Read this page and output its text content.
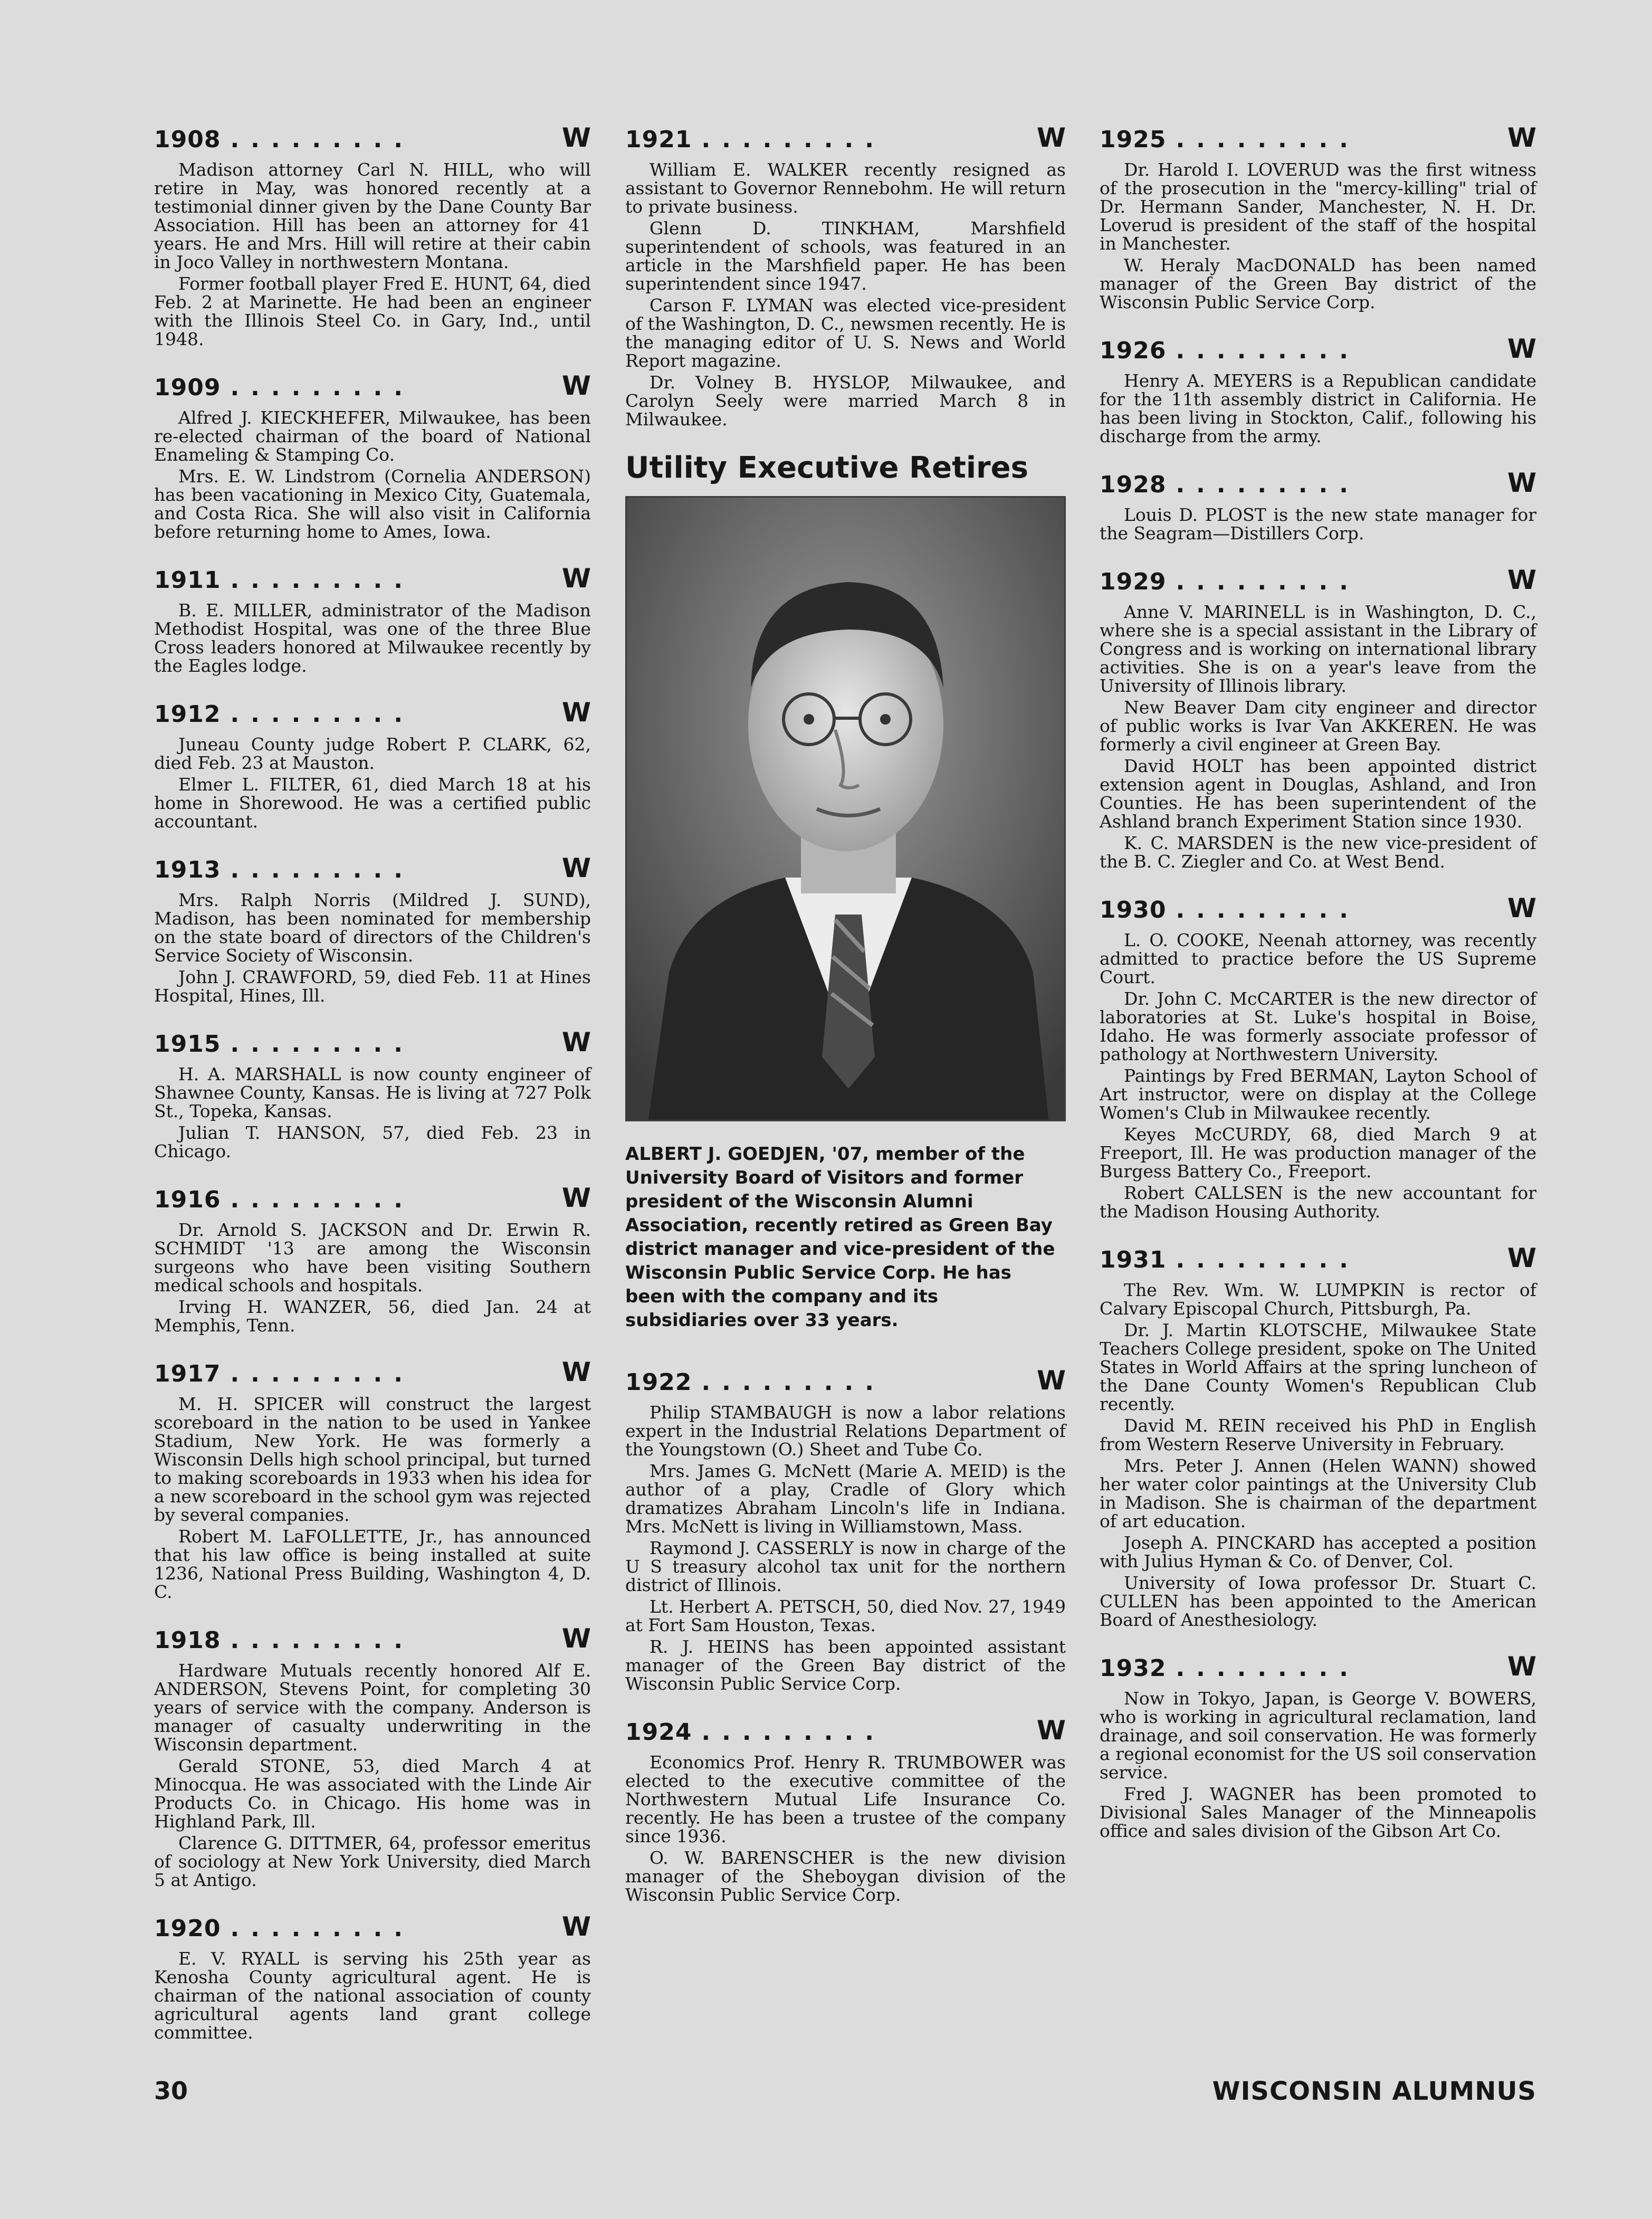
1908 .........	W

Madison attorney Carl N. HILL, who will retire in May, was honored recently at a testimonial dinner given by the Dane County Bar Association. Hill has been an attorney for 41 years. He and Mrs. Hill will retire at their cabin in Joco Valley in northwestern Montana.

Former football player Fred E. HUNT, 64, died Feb. 2 at Marinette. He had been an engineer with the Illinois Steel Co. in Gary, Ind., until 1948.

1909 .........	W

Alfred J. KIECKHEFER, Milwaukee, has been re-elected chairman of the board of National Enameling & Stamping Co.

Mrs. E. W. Lindstrom (Cornelia ANDERSON) has been vacationing in Mexico City, Guatemala, and Costa Rica. She will also visit in California before returning home to Ames, Iowa.

1911 .........	W

B. E. MILLER, administrator of the Madison Methodist Hospital, was one of the three Blue Cross leaders honored at Milwaukee recently by the Eagles lodge.

1912 .........	W

Juneau County judge Robert P. CLARK, 62, died Feb. 23 at Mauston.

Elmer L. FILTER, 61, died March 18 at his home in Shorewood. He was a certified public accountant.

1913 .........	W

Mrs. Ralph Norris (Mildred J. SUND), Madison, has been nominated for membership on the state board of directors of the Children's Service Society of Wisconsin.

John J. CRAWFORD, 59, died Feb. 11 at Hines Hospital, Hines, Ill.

1915 .........	W

H. A. MARSHALL is now county engineer of Shawnee County, Kansas. He is living at 727 Polk St., Topeka, Kansas.

Julian T. HANSON, 57, died Feb. 23 in Chicago.

1916 .........	W

Dr. Arnold S. JACKSON and Dr. Erwin R. SCHMIDT '13 are among the Wisconsin surgeons who have been visiting Southern medical schools and hospitals.

Irving H. WANZER, 56, died Jan. 24 at Memphis, Tenn.

1917 .........	W

M. H. SPICER will construct the largest scoreboard in the nation to be used in Yankee Stadium, New York. He was formerly a Wisconsin Dells high school principal, but turned to making scoreboards in 1933 when his idea for a new scoreboard in the school gym was rejected by several companies.

Robert M. LaFOLLETTE, Jr., has announced that his law office is being installed at suite 1236, National Press Building, Washington 4, D. C.

1918 .........	W

Hardware Mutuals recently honored Alf E. ANDERSON, Stevens Point, for completing 30 years of service with the company. Anderson is manager of casualty underwriting in the Wisconsin department.

Gerald STONE, 53, died March 4 at Minocqua. He was associated with the Linde Air Products Co. in Chicago. His home was in Highland Park, Ill.

Clarence G. DITTMER, 64, professor emeritus of sociology at New York University, died March 5 at Antigo.

1920 .........	W

E. V. RYALL is serving his 25th year as Kenosha County agricultural agent. He is chairman of the national association of county agricultural agents land grant college committee.

1921 .........	W

William E. WALKER recently resigned as assistant to Governor Rennebohm. He will return to private business.

Glenn D. TINKHAM, Marshfield superintendent of schools, was featured in an article in the Marshfield paper. He has been superintendent since 1947.

Carson F. LYMAN was elected vice-president of the Washington, D. C., newsmen recently. He is the managing editor of U. S. News and World Report magazine.

Dr. Volney B. HYSLOP, Milwaukee, and Carolyn Seely were married March 8 in Milwaukee.

Utility Executive Retires
ALBERT J. GOEDJEN, '07, member of the University Board of Visitors and former president of the Wisconsin Alumni Association, recently retired as Green Bay district manager and vice-president of the Wisconsin Public Service Corp. He has been with the company and its subsidiaries over 33 years.
1922 .........	W

Philip STAMBAUGH is now a labor relations expert in the Industrial Relations Department of the Youngstown (O.) Sheet and Tube Co.

Mrs. James G. McNett (Marie A. MEID) is the author of a play, Cradle of Glory which dramatizes Abraham Lincoln's life in Indiana. Mrs. McNett is living in Williamstown, Mass.

Raymond J. CASSERLY is now in charge of the U S treasury alcohol tax unit for the northern district of Illinois.

Lt. Herbert A. PETSCH, 50, died Nov. 27, 1949 at Fort Sam Houston, Texas.

R. J. HEINS has been appointed assistant manager of the Green Bay district of the Wisconsin Public Service Corp.

1924 .........	W

Economics Prof. Henry R. TRUMBOWER was elected to the executive committee of the Northwestern Mutual Life Insurance Co. recently. He has been a trustee of the company since 1936.

O. W. BARENSCHER is the new division manager of the Sheboygan division of the Wisconsin Public Service Corp.

1925 .........	W

Dr. Harold I. LOVERUD was the first witness of the prosecution in the "mercy-killing" trial of Dr. Hermann Sander, Manchester, N. H. Dr. Loverud is president of the staff of the hospital in Manchester.

W. Heraly MacDONALD has been named manager of the Green Bay district of the Wisconsin Public Service Corp.

1926 .........	W

Henry A. MEYERS is a Republican candidate for the 11th assembly district in California. He has been living in Stockton, Calif., following his discharge from the army.

1928 .........	W

Louis D. PLOST is the new state manager for the Seagram—Distillers Corp.

1929 .........	W

Anne V. MARINELL is in Washington, D. C., where she is a special assistant in the Library of Congress and is working on international library activities. She is on a year's leave from the University of Illinois library.

New Beaver Dam city engineer and director of public works is Ivar Van AKKEREN. He was formerly a civil engineer at Green Bay.

David HOLT has been appointed district extension agent in Douglas, Ashland, and Iron Counties. He has been superintendent of the Ashland branch Experiment Station since 1930.

K. C. MARSDEN is the new vice-president of the B. C. Ziegler and Co. at West Bend.

1930 .........	W

L. O. COOKE, Neenah attorney, was recently admitted to practice before the US Supreme Court.

Dr. John C. McCARTER is the new director of laboratories at St. Luke's hospital in Boise, Idaho. He was formerly associate professor of pathology at Northwestern University.

Paintings by Fred BERMAN, Layton School of Art instructor, were on display at the College Women's Club in Milwaukee recently.

Keyes McCURDY, 68, died March 9 at Freeport, Ill. He was production manager of the Burgess Battery Co., Freeport.

Robert CALLSEN is the new accountant for the Madison Housing Authority.

1931 .........	W

The Rev. Wm. W. LUMPKIN is rector of Calvary Episcopal Church, Pittsburgh, Pa.

Dr. J. Martin KLOTSCHE, Milwaukee State Teachers College president, spoke on The United States in World Affairs at the spring luncheon of the Dane County Women's Republican Club recently.

David M. REIN received his PhD in English from Western Reserve University in February.

Mrs. Peter J. Annen (Helen WANN) showed her water color paintings at the University Club in Madison. She is chairman of the department of art education.

Joseph A. PINCKARD has accepted a position with Julius Hyman & Co. of Denver, Col.

University of Iowa professor Dr. Stuart C. CULLEN has been appointed to the American Board of Anesthesiology.

1932 .........	W

Now in Tokyo, Japan, is George V. BOWERS, who is working in agricultural reclamation, land drainage, and soil conservation. He was formerly a regional economist for the US soil conservation service.

Fred J. WAGNER has been promoted to Divisional Sales Manager of the Minneapolis office and sales division of the Gibson Art Co.

30	WISCONSIN ALUMNUS
